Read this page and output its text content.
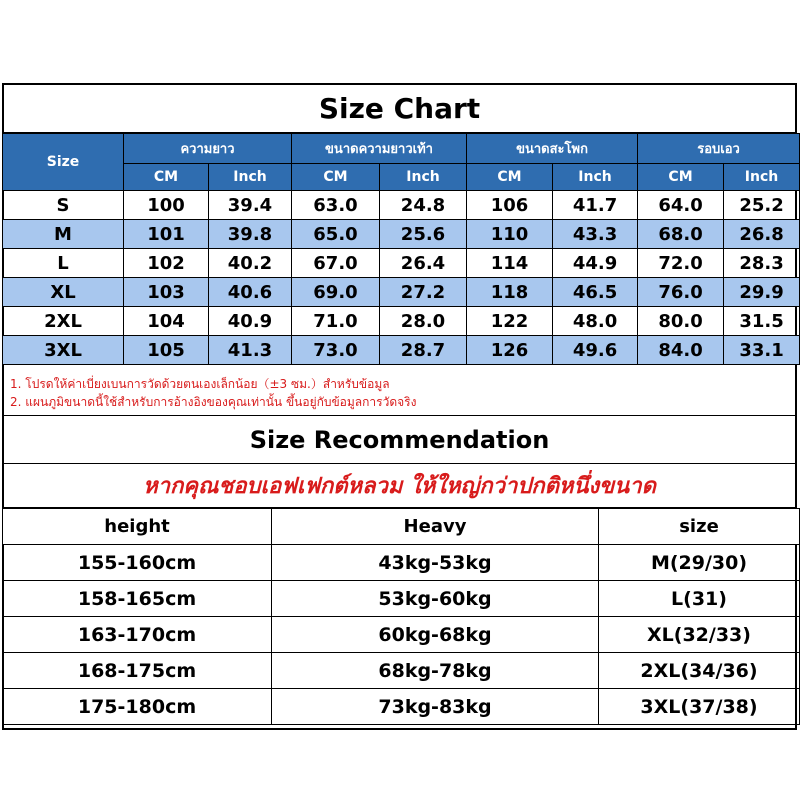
Size Chart
Size	ความยาว		ขนาดความยาวเท้า		ขนาดสะโพก		รอบเอว	
	CM	Inch	CM	Inch	CM	Inch	CM	Inch
S	100	39.4	63.0	24.8	106	41.7	64.0	25.2
M	101	39.8	65.0	25.6	110	43.3	68.0	26.8
L	102	40.2	67.0	26.4	114	44.9	72.0	28.3
XL	103	40.6	69.0	27.2	118	46.5	76.0	29.9
2XL	104	40.9	71.0	28.0	122	48.0	80.0	31.5
3XL	105	41.3	73.0	28.7	126	49.6	84.0	33.1
1. โปรดให้ค่าเบี่ยงเบนการวัดด้วยตนเองเล็กน้อย（±3 ซม.）สำหรับข้อมูล
2. แผนภูมิขนาดนี้ใช้สำหรับการอ้างอิงของคุณเท่านั้น ขึ้นอยู่กับข้อมูลการวัดจริง
Size Recommendation
หากคุณชอบเอฟเฟกต์หลวม ให้ใหญ่กว่าปกติหนึ่งขนาด
height	Heavy	size
155-160cm	43kg-53kg	M(29/30)
158-165cm	53kg-60kg	L(31)
163-170cm	60kg-68kg	XL(32/33)
168-175cm	68kg-78kg	2XL(34/36)
175-180cm	73kg-83kg	3XL(37/38)
